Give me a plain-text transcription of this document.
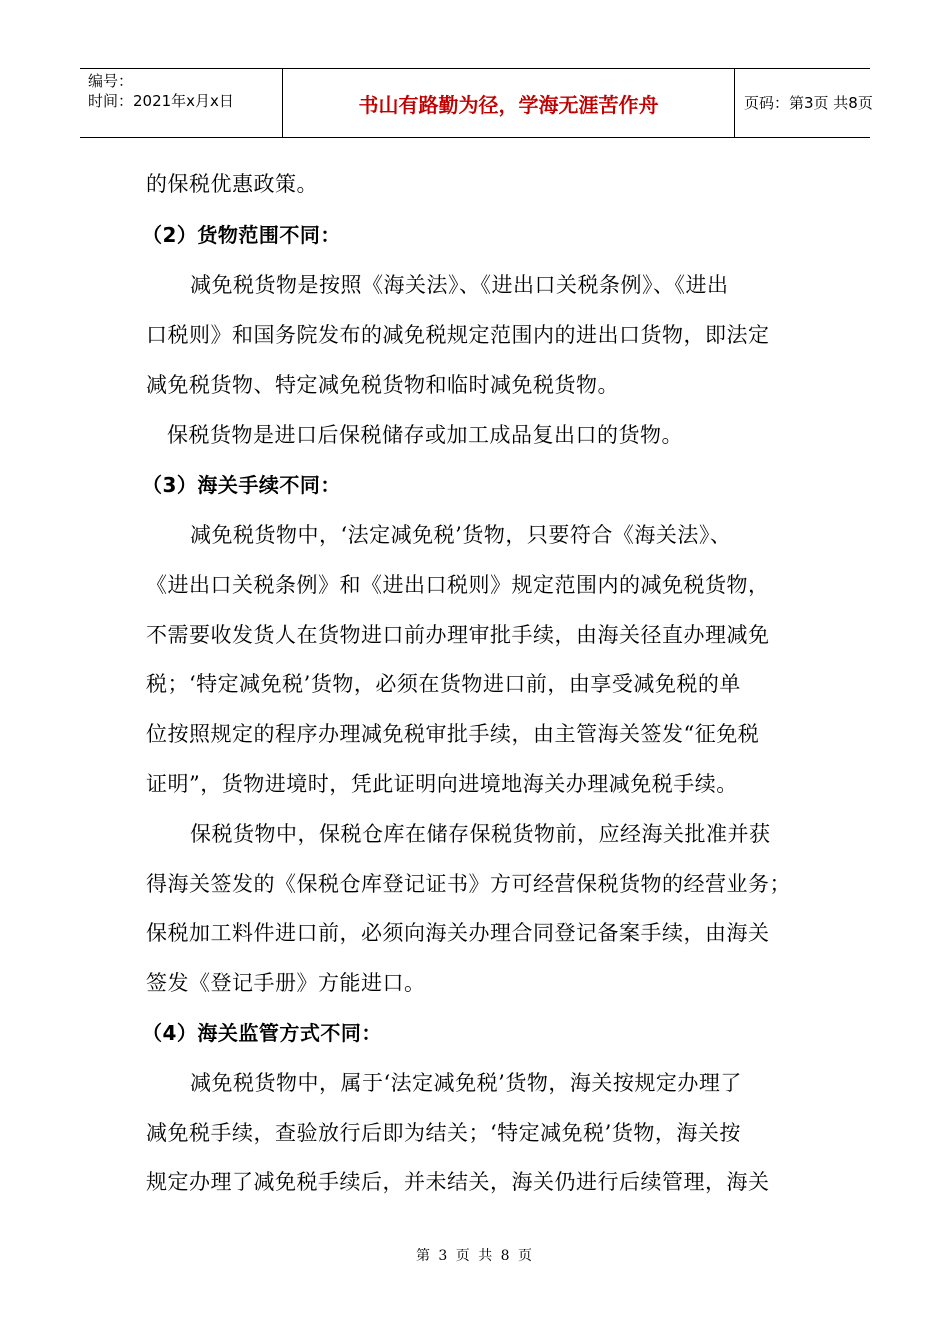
编号：
时间：2021年x月x日	书山有路勤为径，学海无涯苦作舟	页码：第3页 共8页
的保税优惠政策。
（2）货物范围不同：
减免税货物是按照《海关法》、《进出口关税条例》、《进出
口税则》和国务院发布的减免税规定范围内的进出口货物，即法定
减免税货物、特定减免税货物和临时减免税货物。
保税货物是进口后保税储存或加工成品复出口的货物。
（3）海关手续不同：
减免税货物中，‘法定减免税’货物，只要符合《海关法》、
《进出口关税条例》和《进出口税则》规定范围内的减免税货物，
不需要收发货人在货物进口前办理审批手续，由海关径直办理减免
税；‘特定减免税’货物，必须在货物进口前，由享受减免税的单
位按照规定的程序办理减免税审批手续，由主管海关签发“征免税
证明”，货物进境时，凭此证明向进境地海关办理减免税手续。
保税货物中，保税仓库在储存保税货物前，应经海关批准并获
得海关签发的《保税仓库登记证书》方可经营保税货物的经营业务；
保税加工料件进口前，必须向海关办理合同登记备案手续，由海关
签发《登记手册》方能进口。
（4）海关监管方式不同：
减免税货物中，属于‘法定减免税’货物，海关按规定办理了
减免税手续，查验放行后即为结关；‘特定减免税’货物，海关按
规定办理了减免税手续后，并未结关，海关仍进行后续管理，海关
第 3 页 共 8 页
